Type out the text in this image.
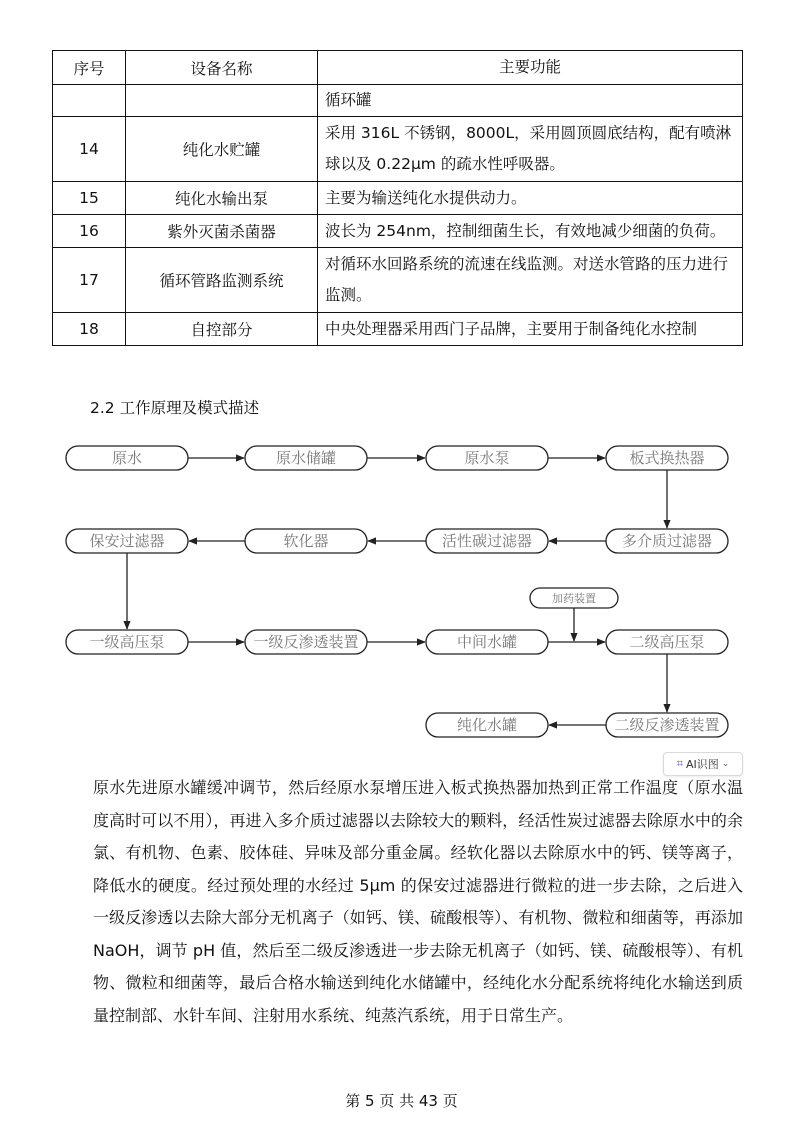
序号	设备名称	主要功能
		循环罐
14	纯化水贮罐	采用 316L 不锈钢，8000L，采用圆顶圆底结构，配有喷淋球以及 0.22μm 的疏水性呼吸器。
15	纯化水输出泵	主要为输送纯化水提供动力。
16	紫外灭菌杀菌器	波长为 254nm，控制细菌生长，有效地减少细菌的负荷。
17	循环管路监测系统	对循环水回路系统的流速在线监测。对送水管路的压力进行监测。
18	自控部分	中央处理器采用西门子品牌，主要用于制备纯化水控制
2.2 工作原理及模式描述
原水	原水储罐	原水泵	板式换热器
保安过滤器	软化器	活性碳过滤器	多介质过滤器
加药装置
一级高压泵	一级反渗透装置	中间水罐	二级高压泵
纯化水罐	二级反渗透装置
⌗ AI识图 ⌄

原水先进原水罐缓冲调节，然后经原水泵增压进入板式换热器加热到正常工作温度（原水温度高时可以不用），再进入多介质过滤器以去除较大的颗料，经活性炭过滤器去除原水中的余氯、有机物、色素、胶体硅、异味及部分重金属。经软化器以去除原水中的钙、镁等离子，降低水的硬度。经过预处理的水经过 5μm 的保安过滤器进行微粒的进一步去除，之后进入一级反渗透以去除大部分无机离子（如钙、镁、硫酸根等）、有机物、微粒和细菌等，再添加 NaOH，调节 pH 值，然后至二级反渗透进一步去除无机离子（如钙、镁、硫酸根等）、有机物、微粒和细菌等，最后合格水输送到纯化水储罐中，经纯化水分配系统将纯化水输送到质量控制部、水针车间、注射用水系统、纯蒸汽系统，用于日常生产。

第 5 页 共 43 页
